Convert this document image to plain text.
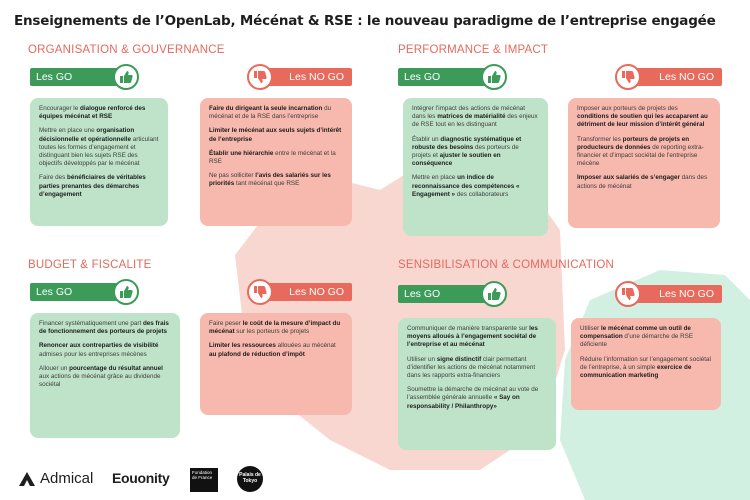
Enseignements de l’OpenLab, Mécénat & RSE : le nouveau paradigme de l’entreprise engagée
ORGANISATION & GOUVERNANCE
Les GO	Les NO GO

Encourager le dialogue renforcé des équipes mécénat et RSE

Mettre en place une organisation décisionnelle et opérationnelle articulant toutes les formes d’engagement et distinguant bien les sujets RSE des objectifs développés par le mécénat

Faire des bénéficiaires de véritables parties prenantes des démarches d’engagement

Faire du dirigeant la seule incarnation du mécénat et de la RSE dans l’entreprise

Limiter le mécénat aux seuls sujets d’intérêt de l’entreprise

Établir une hiérarchie entre le mécénat et la RSE

Ne pas solliciter l’avis des salariés sur les priorités tant mécénat que RSE

PERFORMANCE & IMPACT
Les GO	Les NO GO

Intégrer l’impact des actions de mécénat dans les matrices de matérialité des enjeux de RSE tout en les distinguant

Établir un diagnostic systématique et robuste des besoins des porteurs de projets et ajuster le soutien en conséquence

Mettre en place un indice de reconnaissance des compétences « Engagement » des collaborateurs

Imposer aux porteurs de projets des conditions de soutien qui les accaparent au détriment de leur mission d’intérêt général

Transformer les porteurs de projets en producteurs de données de reporting extra-financier et d’impact sociétal de l’entreprise mécène

Imposer aux salariés de s’engager dans des actions de mécénat

BUDGET & FISCALITE
Les GO	Les NO GO

Financer systématiquement une part des frais de fonctionnement des porteurs de projets

Renoncer aux contreparties de visibilité admises pour les entreprises mécènes

Allouer un pourcentage du résultat annuel aux actions de mécénat grâce au dividende sociétal

Faire peser le coût de la mesure d’impact du mécénat sur les porteurs de projets

Limiter les ressources allouées au mécénat au plafond de réduction d’impôt

SENSIBILISATION & COMMUNICATION
Les GO	Les NO GO

Communiquer de manière transparente sur les moyens alloués à l’engagement sociétal de l’entreprise et au mécénat

Utiliser un signe distinctif clair permettant d’identifier les actions de mécénat notamment dans les rapports extra-financiers

Soumettre la démarche de mécénat au vote de l’assemblée générale annuelle « Say on responsability / Philanthropy»

Utiliser le mécénat comme un outil de compensation d’une démarche de RSE déficiente

Réduire l’information sur l’engagement sociétal de l’entreprise, à un simple exercice de communication marketing

Admical Eouonity	Fondation de France	Palais de Tokyo
